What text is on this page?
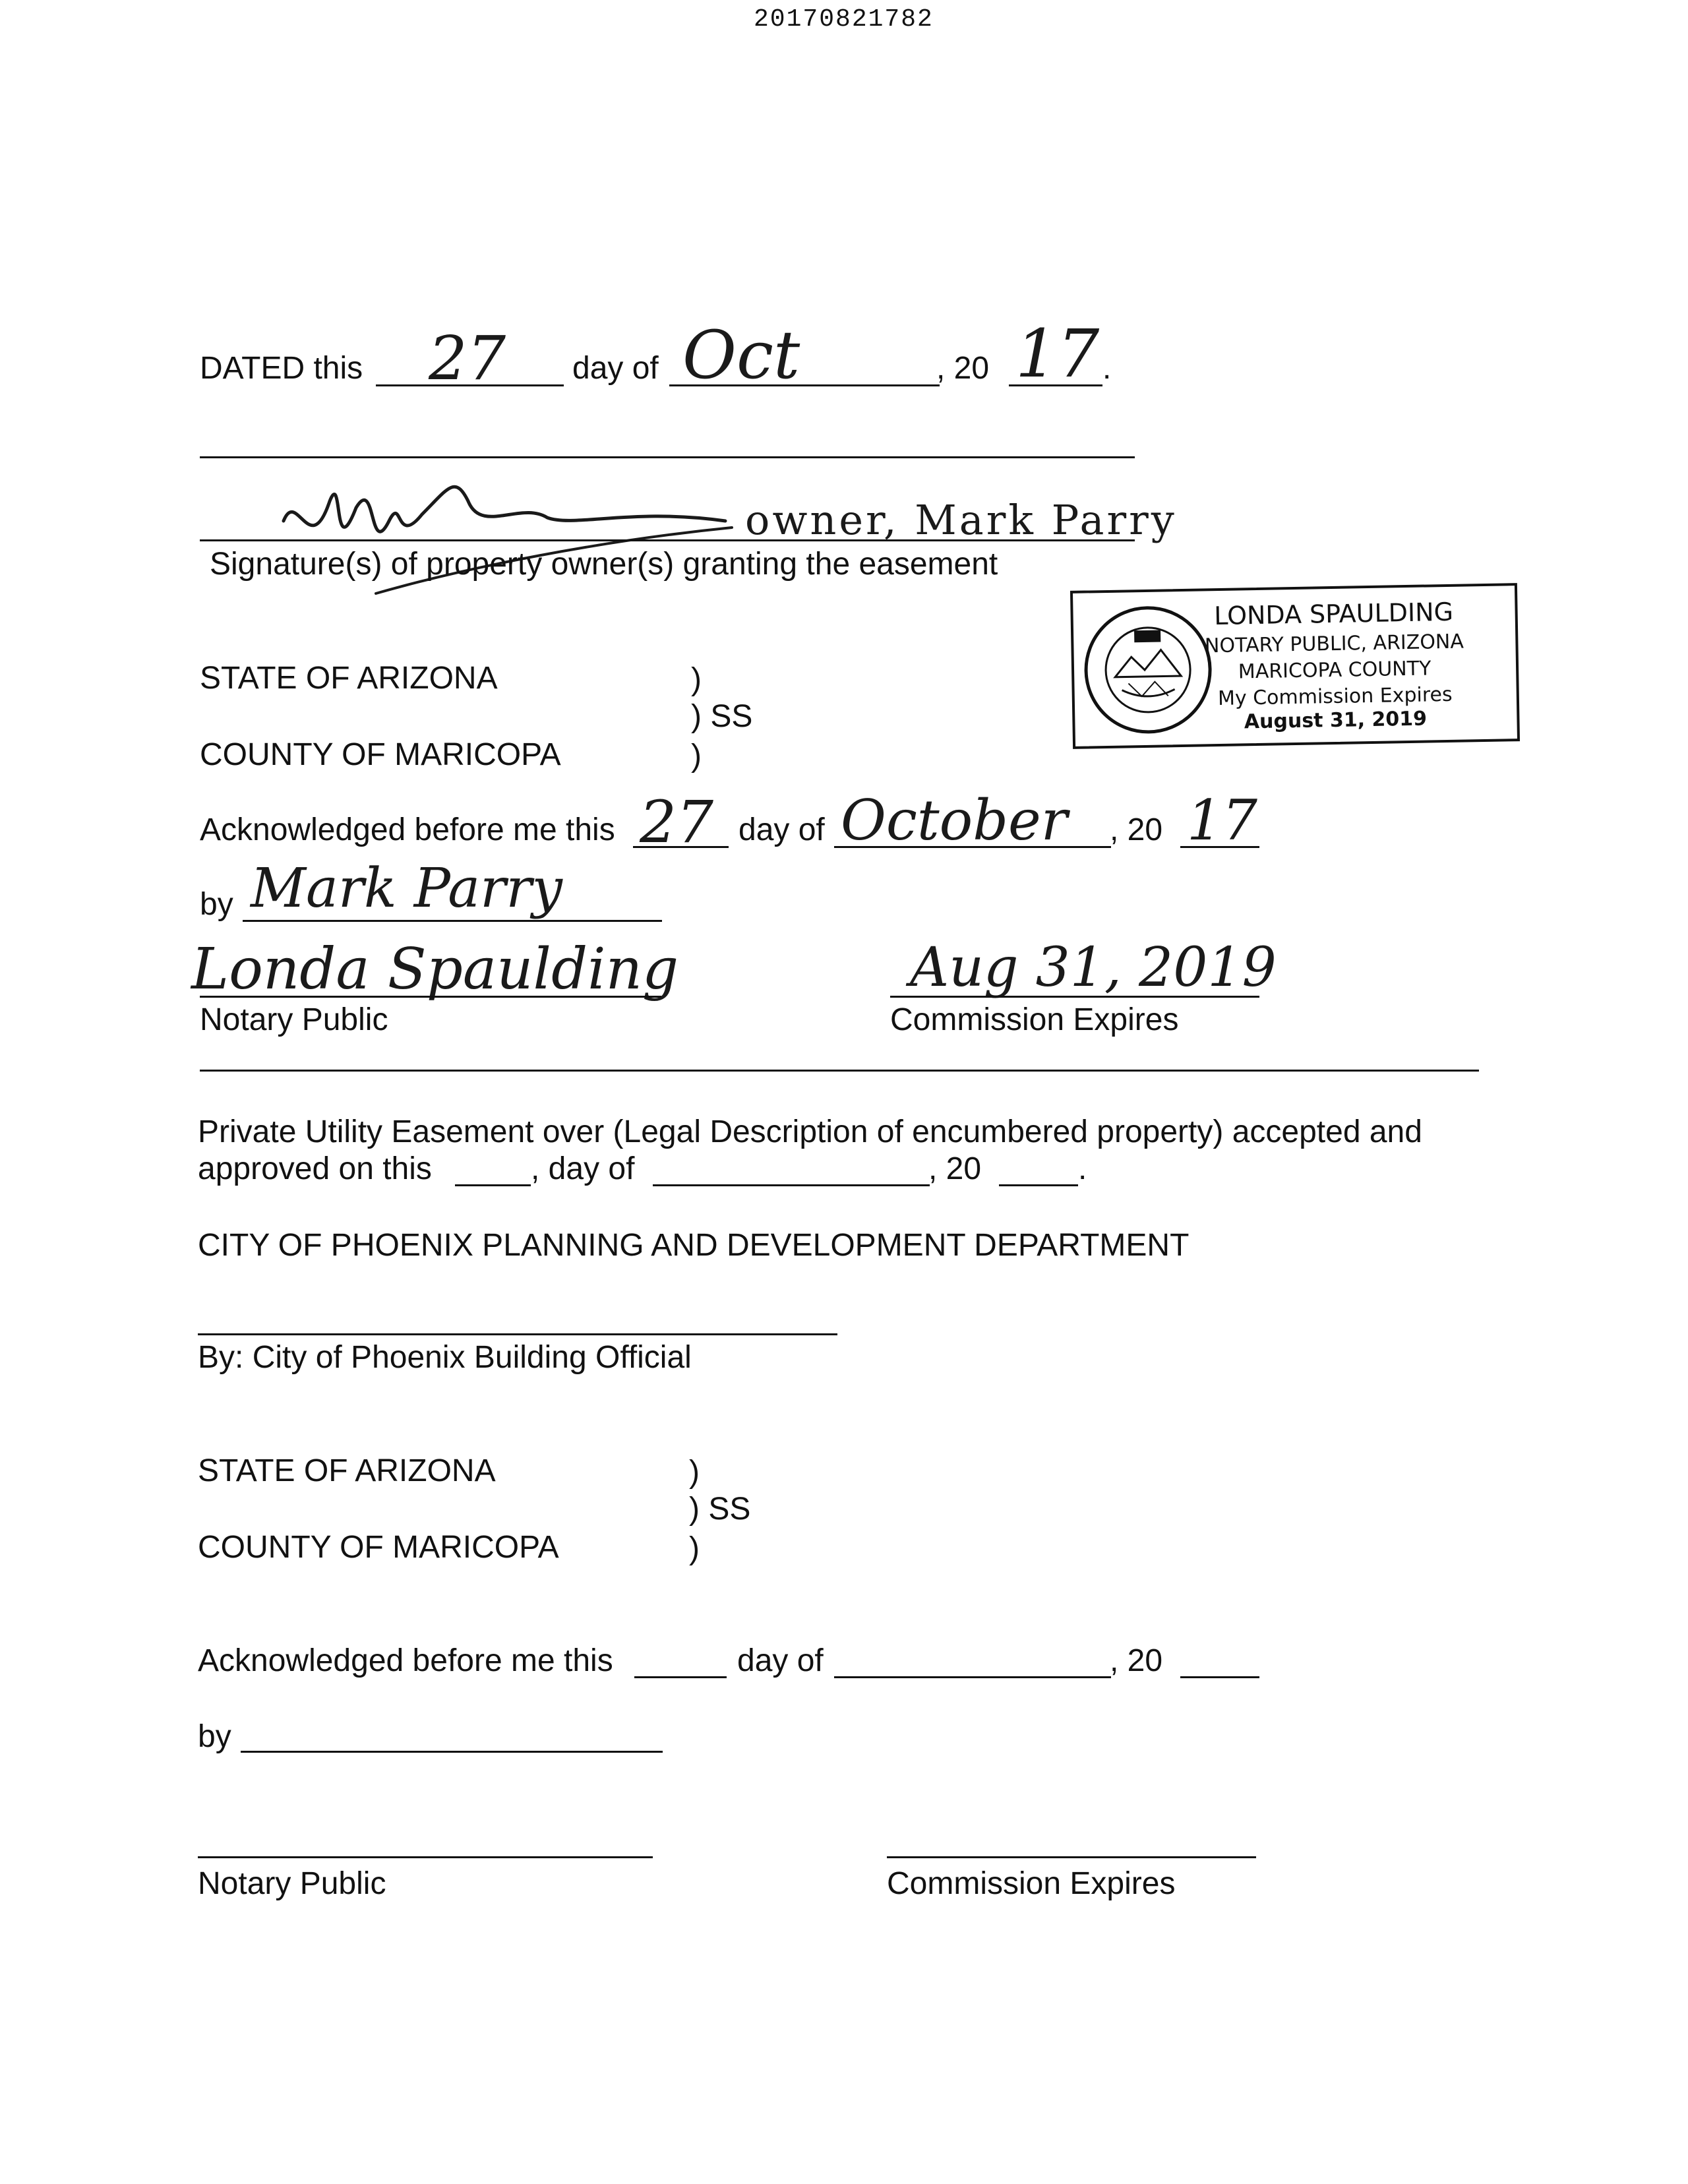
20170821782
DATED this 27 day of Oct	, 20 17 .
owner, Mark Parry
Signature(s) of property owner(s) granting the easement
LONDA SPAULDING
NOTARY PUBLIC, ARIZONA
MARICOPA COUNTY
My Commission Expires
August 31, 2019
STATE OF ARIZONA	)
) SS
COUNTY OF MARICOPA	)
Acknowledged before me this 27 day of October , 20 17
by Mark Parry
Londa Spaulding
Notary Public
Aug 31, 2019
Commission Expires
Private Utility Easement over (Legal Description of encumbered property) accepted and
approved on this	, day of	, 20	.
CITY OF PHOENIX PLANNING AND DEVELOPMENT DEPARTMENT
By: City of Phoenix Building Official
STATE OF ARIZONA	)
) SS
COUNTY OF MARICOPA	)
Acknowledged before me this	day of	, 20
by
Notary Public	Commission Expires
